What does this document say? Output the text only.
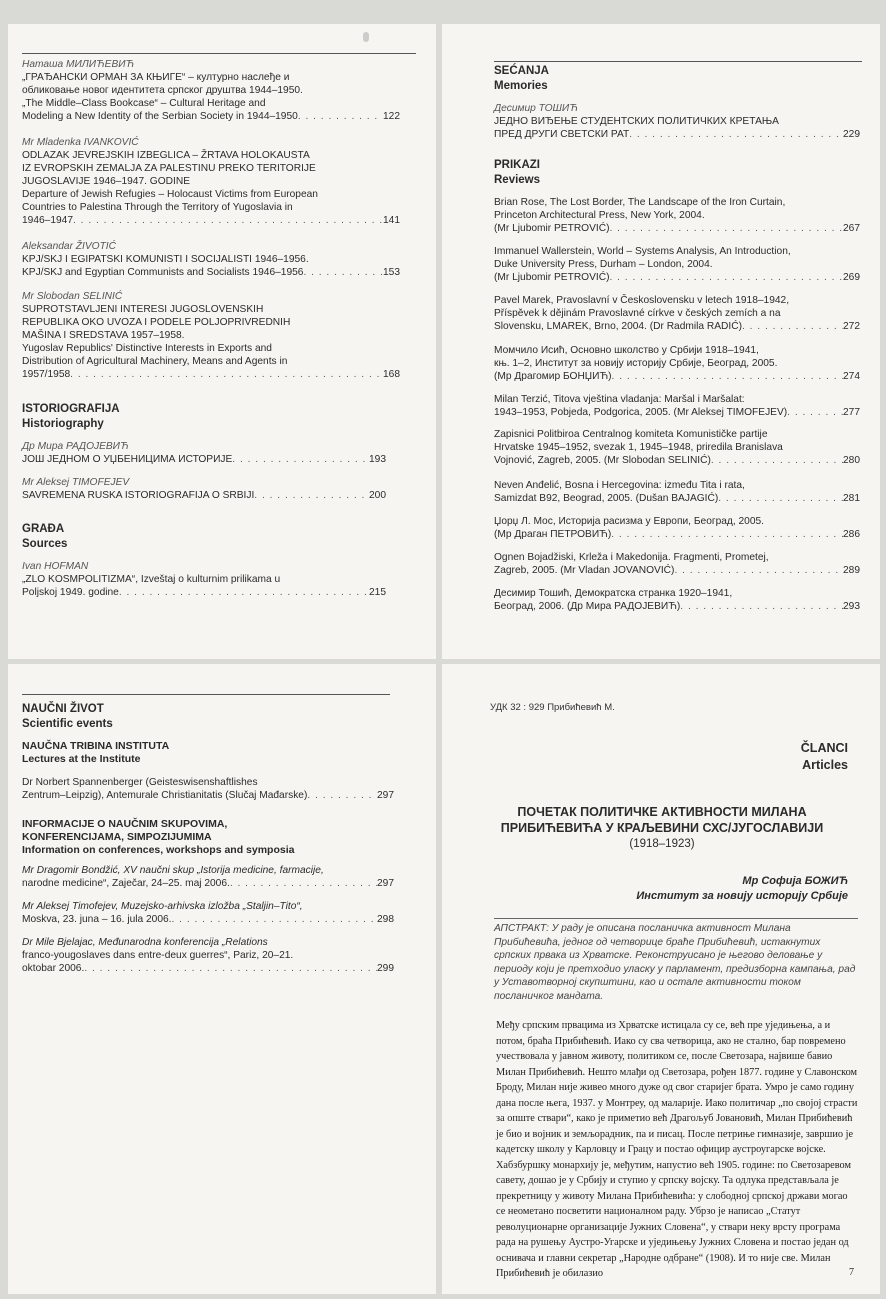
Наташа МИЛИЋЕВИЋ
„ГРАЂАНСКИ ОРМАН ЗА КЊИГЕ“ – културно наслеђе и
обликовање новог идентитета српског друштва 1944–1950.
„The Middle–Class Bookcase“ – Cultural Heritage and
Modeling a New Identity of the Serbian Society in 1944–1950 . . .	122
Mr Mladenka IVANKOVIĆ
ODLAZAK JEVREJSKIH IZBEGLICA – ŽRTAVA HOLOKAUSTA
IZ EVROPSKIH ZEMALJA ZA PALESTINU PREKO TERITORIJE
JUGOSLAVIJE 1946–1947. GODINE
Departure of Jewish Refugies – Holocaust Victims from European
Countries to Palestina Through the Territory of Yugoslavia in
1946–1947 . . .	141
Aleksandar ŽIVOTIĆ
KPJ/SKJ I EGIPATSKI KOMUNISTI I SOCIJALISTI 1946–1956.
KPJ/SKJ and Egyptian Communists and Socialists 1946–1956 . . .	153
Mr Slobodan SELINIĆ
SUPROTSTAVLJENI INTERESI JUGOSLOVENSKIH
REPUBLIKA OKO UVOZA I PODELE POLJOPRIVREDNIH
MAŠINA I SREDSTAVA 1957–1958.
Yugoslav Republics' Distinctive Interests in Exports and
Distribution of Agricultural Machinery, Means and Agents in
1957/1958 . . .	168
ISTORIOGRAFIJA
Historiography
Др Мира РАДОЈЕВИЋ
ЈОШ ЈЕДНОМ О УЏБЕНИЦИМА ИСТОРИЈЕ . . .	193
Mr Aleksej TIMOFEJEV
SAVREMENA RUSKA ISTORIOGRAFIJA O SRBIJI . . .	200
GRAĐA
Sources
Ivan HOFMAN
„ZLO KOSMPOLITIZMA“, Izveštaj o kulturnim prilikama u
Poljskoj 1949. godine . . .	215
SEĆANJA
Memories
Десимир ТОШИЋ
ЈЕДНО ВИЂЕЊЕ СТУДЕНТСКИХ ПОЛИТИЧКИХ КРЕТАЊА
ПРЕД ДРУГИ СВЕТСКИ РАТ . . .	229
PRIKAZI
Reviews
Brian Rose, The Lost Border, The Landscape of the Iron Curtain,
Princeton Architectural Press, New York, 2004.
(Mr Ljubomir PETROVIĆ) . . .	267
Immanuel Wallerstein, World – Systems Analysis, An Introduction,
Duke University Press, Durham – London, 2004.
(Mr Ljubomir PETROVIĆ) . . .	269
Pavel Marek, Pravoslavní v Československu v letech 1918–1942,
Příspěvek k dějinám Pravoslavné církve v českých zemích a na
Slovensku, LMAREK, Brno, 2004. (Dr Radmila RADIĆ) . . .	272
Момчило Исић, Основно школство у Србији 1918–1941,
књ. 1–2, Институт за новију историју Србије, Београд, 2005.
(Мр Драгомир БОНЏИЋ) . . .	274
Milan Terzić, Titova vještina vladanja: Maršal i Maršalat:
1943–1953, Pobjeda, Podgorica, 2005. (Mr Aleksej TIMOFEJEV) . . .	277
Zapisnici Politbiroa Centralnog komiteta Komunističke partije
Hrvatske 1945–1952, svezak 1, 1945–1948, priredila Branislava
Vojnović, Zagreb, 2005. (Mr Slobodan SELINIĆ) . . .	280
Neven Anđelić, Bosna i Hercegovina: između Tita i rata,
Samizdat B92, Beograd, 2005. (Dušan BAJAGIĆ) . . .	281
Џорџ Л. Мос, Историја расизма у Европи, Београд, 2005.
(Мр Драган ПЕТРОВИЋ) . . .	286
Ognen Bojadžiski, Krleža i Makedonija. Fragmenti, Prometej,
Zagreb, 2005. (Mr Vladan JOVANOVIĆ) . . .	289
Десимир Тошић, Демократска странка 1920–1941,
Београд, 2006. (Др Мира РАДОЈЕВИЋ) . . .	293
NAUČNI ŽIVOT
Scientific events
NAUČNA TRIBINA INSTITUTA
Lectures at the Institute
Dr Norbert Spannenberger (Geisteswisenshaftlishes
Zentrum–Leipzig), Antemurale Christianitatis (Slučaj Mađarske) . . .	297
INFORMACIJE O NAUČNIM SKUPOVIMA,
KONFERENCIJAMA, SIMPOZIJUMIMA
Information on conferences, workshops and symposia
Mr Dragomir Bondžić, XV naučni skup „Istorija medicine, farmacije,
narodne medicine“, Zaječar, 24–25. maj 2006. . . .	297
Mr Aleksej Timofejev, Muzejsko-arhivska izložba „Staljin–Tito“,
Moskva, 23. juna – 16. jula 2006. . . .	298
Dr Mile Bjelajac, Međunarodna konferencija „Relations
franco-yougoslaves dans entre-deux guerres“, Pariz, 20–21.
oktobar 2006. . . .	299
УДК 32 : 929 Прибићевић М.
ČLANCI
Articles
ПОЧЕТАК ПОЛИТИЧКЕ АКТИВНОСТИ МИЛАНА
ПРИБИЋЕВИЋА У КРАЉЕВИНИ СХС/ЈУГОСЛАВИЈИ
(1918–1923)
Мр Софија БОЖИЋ
Институт за новију историју Србије
АПСТРАКТ: У раду је описана посланичка активност Милана Прибићевића, једног од четворице браће Прибићевић, истакнутих српских првака из Хрватске. Реконструисано је његово деловање у периоду који је претходио уласку у парламент, предизборна кампања, рад у Уставотворној скупштини, као и остале активности током посланичког мандата.
Међу српским првацима из Хрватске истицала су се, већ пре уједињења, а и потом, браћа Прибићевић. Иако су сва четворица, ако не стално, бар повремено учествовала у јавном животу, политиком се, после Светозара, највише бавио Милан Прибићевић. Нешто млађи од Светозара, рођен 1877. године у Славонском Броду, Милан није живео много дуже од свог старијег брата. Умро је само годину дана после њега, 1937. у Монтреу, од маларије. Иако политичар „по својој страсти за опште ствари“, како је приметио већ Драгољуб Јовановић, Милан Прибићевић је био и војник и земљорадник, па и писац. После петриње гимназије, завршио је кадетску школу у Карловцу и Грацу и постао официр аустроугарске војске. Хабзбуршку монархију је, међутим, напустио већ 1905. године: по Светозаревом савету, дошао је у Србију и ступио у српску војску. Та одлука представљала је прекретницу у животу Милана Прибићевића: у слободној српској држави могао се неометано посветити националном раду. Убрзо је написао „Статут револуционарне организације Јужних Словена“, у ствари неку врсту програма рада на рушењу Аустро-Угарске и уједињењу Јужних Словена и постао један од оснивача и главни секретар „Народне одбране“ (1908). И то није све. Милан Прибићевић је обилазио	7
